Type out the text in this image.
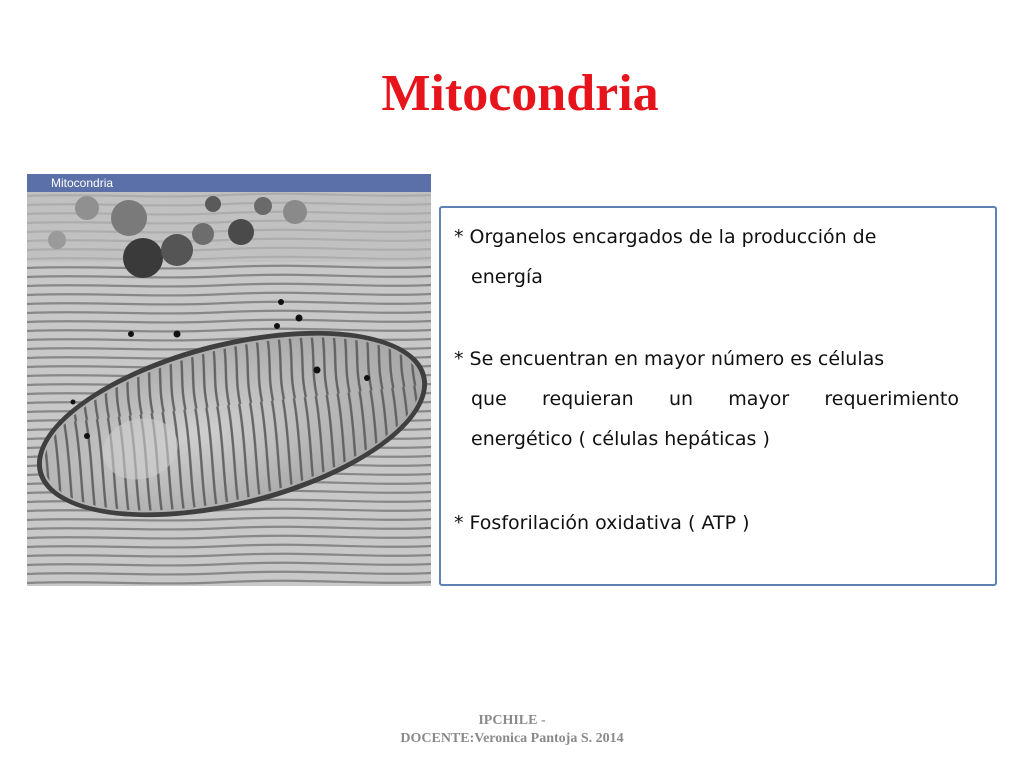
Mitocondria
Mitocondria

* Organelos encargados de la producción de
energía

* Se encuentran en mayor número es células
que requieran un mayor requerimiento
energético ( células hepáticas )

* Fosforilación oxidativa ( ATP )

IPCHILE -
DOCENTE:Veronica Pantoja S. 2014
